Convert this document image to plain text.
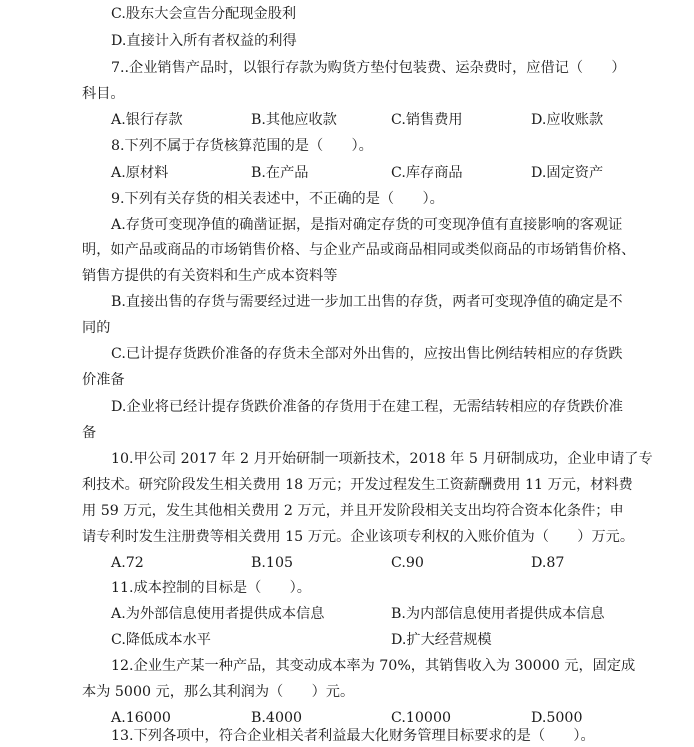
C.股东大会宣告分配现金股利

D.直接计入所有者权益的利得

7..企业销售产品时，以银行存款为购货方垫付包装费、运杂费时，应借记（　　）

科目。

A.银行存款	B.其他应收款	C.销售费用	D.应收账款

8.下列不属于存货核算范围的是（　　）。

A.原材料	B.在产品	C.库存商品	D.固定资产

9.下列有关存货的相关表述中，不正确的是（　　）。

A.存货可变现净值的确凿证据，是指对确定存货的可变现净值有直接影响的客观证

明，如产品或商品的市场销售价格、与企业产品或商品相同或类似商品的市场销售价格、

销售方提供的有关资料和生产成本资料等

B.直接出售的存货与需要经过进一步加工出售的存货，两者可变现净值的确定是不

同的

C.已计提存货跌价准备的存货未全部对外出售的，应按出售比例结转相应的存货跌

价准备

D.企业将已经计提存货跌价准备的存货用于在建工程，无需结转相应的存货跌价准

备

10.甲公司 2017 年 2 月开始研制一项新技术，2018 年 5 月研制成功，企业申请了专

利技术。研究阶段发生相关费用 18 万元；开发过程发生工资薪酬费用 11 万元，材料费

用 59 万元，发生其他相关费用 2 万元，并且开发阶段相关支出均符合资本化条件；申

请专利时发生注册费等相关费用 15 万元。企业该项专利权的入账价值为（　　）万元。

A.72	B.105	C.90	D.87

11.成本控制的目标是（　　）。

A.为外部信息使用者提供成本信息	B.为内部信息使用者提供成本信息
C.降低成本水平	D.扩大经营规模

12.企业生产某一种产品，其变动成本率为 70%，其销售收入为 30000 元，固定成

本为 5000 元，那么其利润为（　　）元。

A.16000	B.4000	C.10000	D.5000

13.下列各项中，符合企业相关者利益最大化财务管理目标要求的是（　　）。
